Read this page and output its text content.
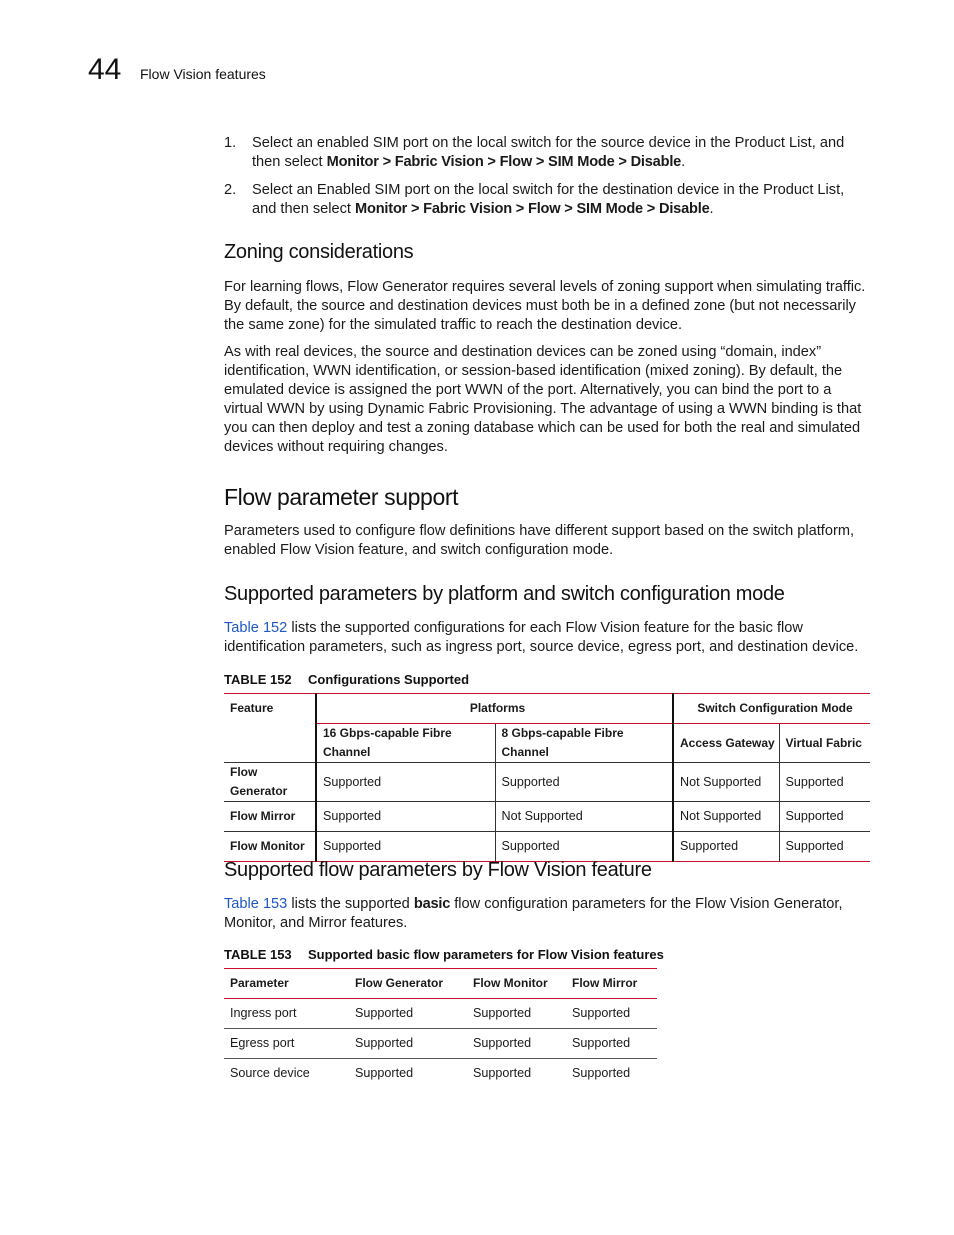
44 Flow Vision features
1. Select an enabled SIM port on the local switch for the source device in the Product List, and then select Monitor > Fabric Vision > Flow > SIM Mode > Disable.
2. Select an Enabled SIM port on the local switch for the destination device in the Product List, and then select Monitor > Fabric Vision > Flow > SIM Mode > Disable.
Zoning considerations
For learning flows, Flow Generator requires several levels of zoning support when simulating traffic. By default, the source and destination devices must both be in a defined zone (but not necessarily the same zone) for the simulated traffic to reach the destination device.
As with real devices, the source and destination devices can be zoned using “domain, index” identification, WWN identification, or session-based identification (mixed zoning). By default, the emulated device is assigned the port WWN of the port. Alternatively, you can bind the port to a virtual WWN by using Dynamic Fabric Provisioning. The advantage of using a WWN binding is that you can then deploy and test a zoning database which can be used for both the real and simulated devices without requiring changes.
Flow parameter support
Parameters used to configure flow definitions have different support based on the switch platform, enabled Flow Vision feature, and switch configuration mode.
Supported parameters by platform and switch configuration mode
Table 152 lists the supported configurations for each Flow Vision feature for the basic flow identification parameters, such as ingress port, source device, egress port, and destination device.
TABLE 152 Configurations Supported
Feature	Platforms		Switch Configuration Mode	
	16 Gbps-capable Fibre Channel	8 Gbps-capable Fibre Channel	Access Gateway	Virtual Fabric
Flow Generator	Supported	Supported	Not Supported	Supported
Flow Mirror	Supported	Not Supported	Not Supported	Supported
Flow Monitor	Supported	Supported	Supported	Supported
Supported flow parameters by Flow Vision feature
Table 153 lists the supported basic flow configuration parameters for the Flow Vision Generator, Monitor, and Mirror features.
TABLE 153 Supported basic flow parameters for Flow Vision features
Parameter	Flow Generator	Flow Monitor	Flow Mirror
Ingress port	Supported	Supported	Supported
Egress port	Supported	Supported	Supported
Source device	Supported	Supported	Supported
